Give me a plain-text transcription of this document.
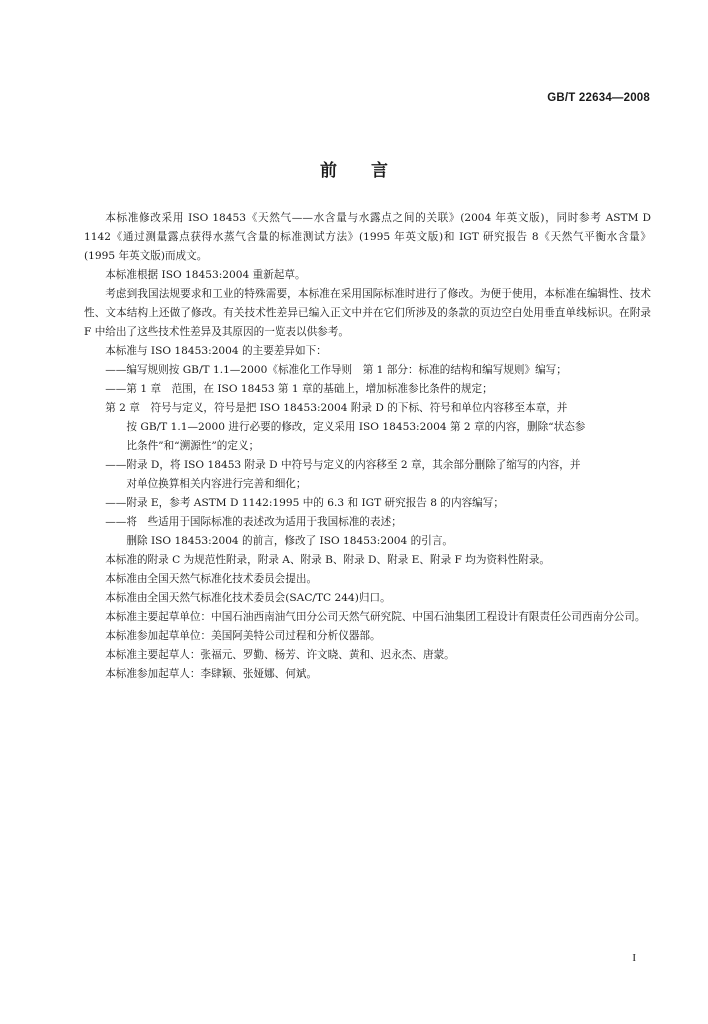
GB/T 22634—2008
前言

本标准修改采用 ISO 18453《天然气——水含量与水露点之间的关联》(2004 年英文版)，同时参考 ASTM D 1142《通过测量露点获得水蒸气含量的标准测试方法》(1995 年英文版)和 IGT 研究报告 8《天然气平衡水含量》(1995 年英文版)而成文。

本标准根据 ISO 18453:2004 重新起草。

考虑到我国法规要求和工业的特殊需要，本标准在采用国际标准时进行了修改。为便于使用，本标准在编辑性、技术性、文本结构上还做了修改。有关技术性差异已编入正文中并在它们所涉及的条款的页边空白处用垂直单线标识。在附录 F 中给出了这些技术性差异及其原因的一览表以供参考。

本标准与 ISO 18453:2004 的主要差异如下：

——编写规则按 GB/T 1.1—2000《标准化工作导则　第 1 部分：标准的结构和编写规则》编写；

——第 1 章　范围，在 ISO 18453 第 1 章的基础上，增加标准参比条件的规定；

第 2 章　符号与定义，符号是把 ISO 18453:2004 附录 D 的下标、符号和单位内容移至本章，并

按 GB/T 1.1—2000 进行必要的修改，定义采用 ISO 18453:2004 第 2 章的内容，删除“状态参

比条件”和“溯源性”的定义；

——附录 D，将 ISO 18453 附录 D 中符号与定义的内容移至 2 章，其余部分删除了缩写的内容，并

对单位换算相关内容进行完善和细化；

——附录 E，参考 ASTM D 1142:1995 中的 6.3 和 IGT 研究报告 8 的内容编写；

——将　些适用于国际标准的表述改为适用于我国标准的表述；

删除 ISO 18453:2004 的前言，修改了 ISO 18453:2004 的引言。

本标准的附录 C 为规范性附录，附录 A、附录 B、附录 D、附录 E、附录 F 均为资料性附录。

本标准由全国天然气标准化技术委员会提出。

本标准由全国天然气标准化技术委员会(SAC/TC 244)归口。

本标准主要起草单位：中国石油西南油气田分公司天然气研究院、中国石油集团工程设计有限责任公司西南分公司。

本标准参加起草单位：美国阿美特公司过程和分析仪器部。

本标准主要起草人：张福元、罗勤、杨芳、许文晓、黄和、迟永杰、唐蒙。

本标准参加起草人：李肆颖、张娅娜、何斌。

I
